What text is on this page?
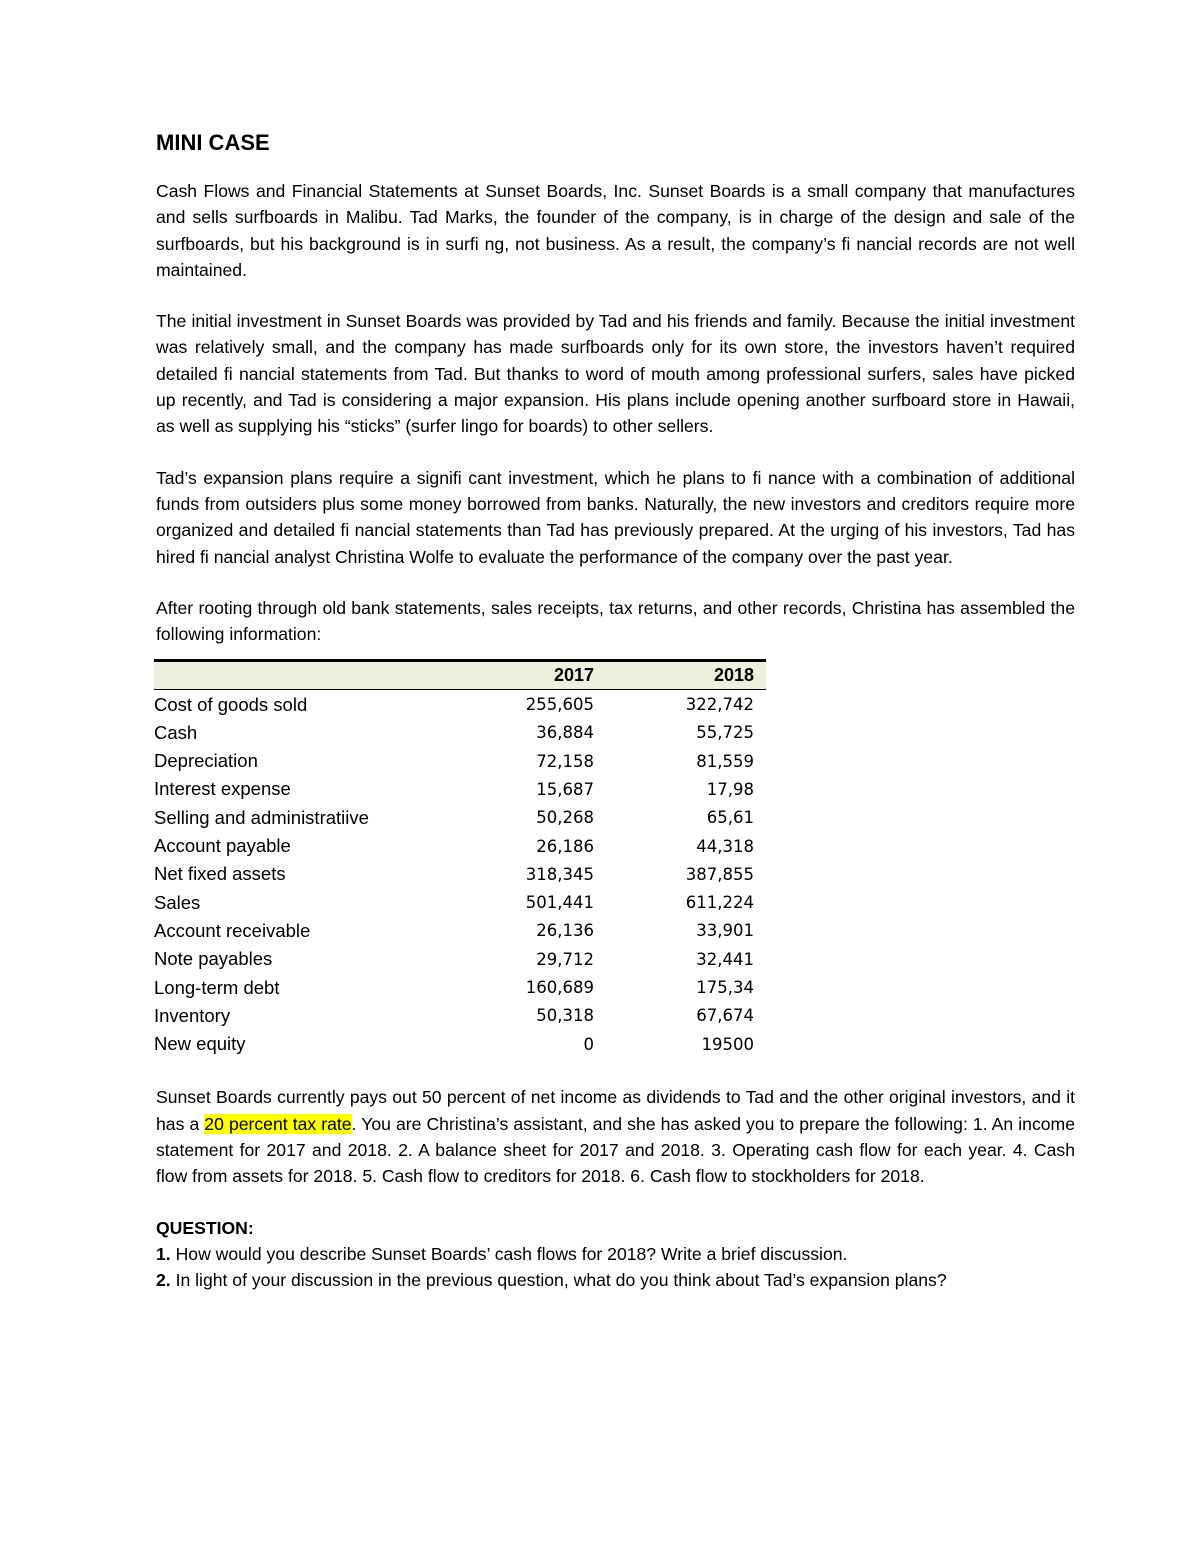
MINI CASE

Cash Flows and Financial Statements at Sunset Boards, Inc. Sunset Boards is a small company that manufactures and sells surfboards in Malibu. Tad Marks, the founder of the company, is in charge of the design and sale of the surfboards, but his background is in surfi ng, not business. As a result, the company’s fi nancial records are not well maintained.

The initial investment in Sunset Boards was provided by Tad and his friends and family. Because the initial investment was relatively small, and the company has made surfboards only for its own store, the investors haven’t required detailed fi nancial statements from Tad. But thanks to word of mouth among professional surfers, sales have picked up recently, and Tad is considering a major expansion. His plans include opening another surfboard store in Hawaii, as well as supplying his “sticks” (surfer lingo for boards) to other sellers.

Tad’s expansion plans require a signifi cant investment, which he plans to fi nance with a combination of additional funds from outsiders plus some money borrowed from banks. Naturally, the new investors and creditors require more organized and detailed fi nancial statements than Tad has previously prepared. At the urging of his investors, Tad has hired fi nancial analyst Christina Wolfe to evaluate the performance of the company over the past year.

After rooting through old bank statements, sales receipts, tax returns, and other records, Christina has assembled the following information:

	2017	2018
Cost of goods sold	255,605	322,742
Cash	36,884	55,725
Depreciation	72,158	81,559
Interest expense	15,687	17,98
Selling and administratiive	50,268	65,61
Account payable	26,186	44,318
Net fixed assets	318,345	387,855
Sales	501,441	611,224
Account receivable	26,136	33,901
Note payables	29,712	32,441
Long-term debt	160,689	175,34
Inventory	50,318	67,674
New equity	0	19500

Sunset Boards currently pays out 50 percent of net income as dividends to Tad and the other original investors, and it has a 20 percent tax rate. You are Christina’s assistant, and she has asked you to prepare the following: 1. An income statement for 2017 and 2018. 2. A balance sheet for 2017 and 2018. 3. Operating cash flow for each year. 4. Cash flow from assets for 2018. 5. Cash flow to creditors for 2018. 6. Cash flow to stockholders for 2018.

QUESTION:

1. How would you describe Sunset Boards’ cash flows for 2018? Write a brief discussion.

2. In light of your discussion in the previous question, what do you think about Tad’s expansion plans?
